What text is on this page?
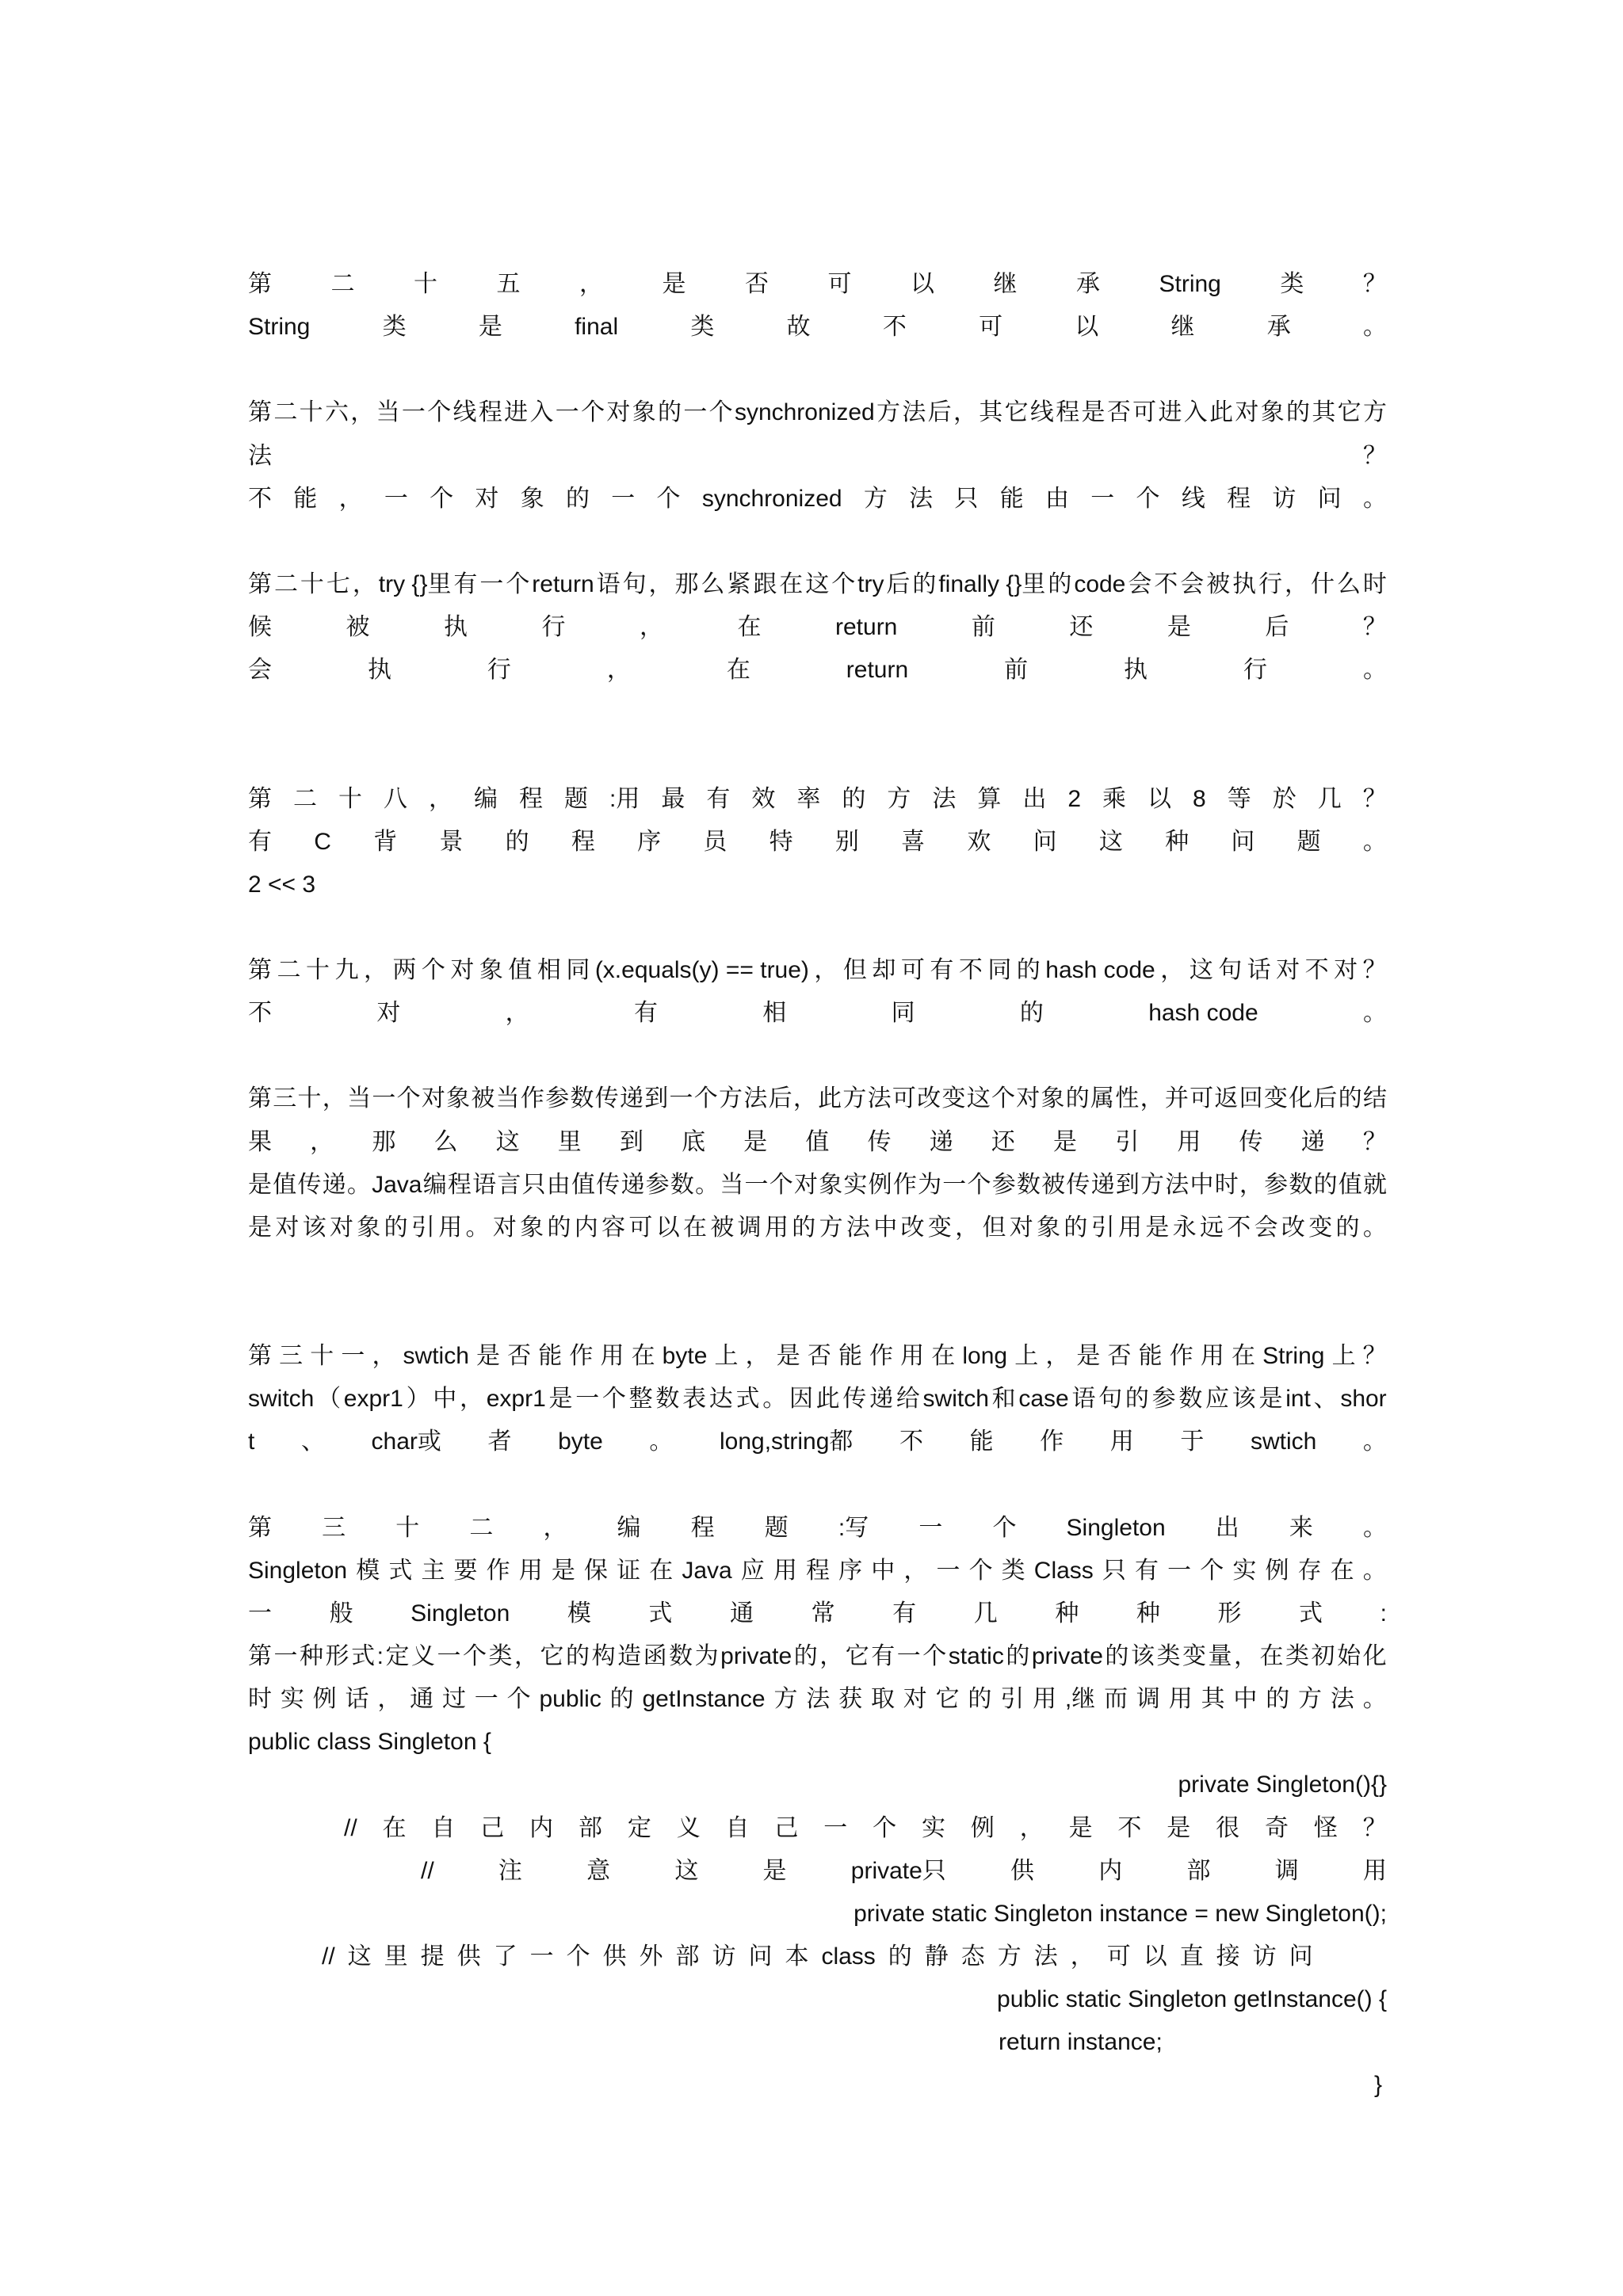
第 二 十 五 ， 是 否 可 以 继 承 String 类 ？
String	类	是	final	类	故	不	可	以	继	承	。
第 二 十 六 ， 当 一 个 线 程 进 入 一 个 对 象 的 一 个 synchronized 方 法 后 ， 其 它 线 程 是 否 可 进 入 此 对 象 的 其 它 方
法	？
不 能 ， 一 个 对 象 的 一 个 synchronized 方 法 只 能 由 一 个 线 程 访 问 。
第 二 十 七 ， try {}里 有 一 个 return 语 句 ， 那 么 紧 跟 在 这 个 try 后 的 finally {}里 的 code 会 不 会 被 执 行 ， 什 么 时
候	被	执	行	，	在	return	前	还	是	后	？
会	执	行	，	在	return	前	执	行	。
第 二 十 八 ， 编 程 题 :用 最 有 效 率 的 方 法 算 出 2 乘 以 8 等 於 几 ？
有 C 背 景 的 程 序 员 特 别 喜 欢 问 这 种 问 题 。
2 << 3
第 二 十 九 ， 两 个 对 象 值 相 同 (x.equals(y) == true) ， 但 却 可 有 不 同 的 hash code ， 这 句 话 对 不 对 ？
不	对	，	有	相	同	的	hash code	。
第 三 十 ， 当 一 个 对 象 被 当 作 参 数 传 递 到 一 个 方 法 后 ， 此 方 法 可 改 变 这 个 对 象 的 属 性 ， 并 可 返 回 变 化 后 的 结
果 ， 那 么 这 里 到 底 是 值 传 递 还 是 引 用 传 递 ？
是 值 传 递 。 Java 编 程 语 言 只 由 值 传 递 参 数 。 当 一 个 对 象 实 例 作 为 一 个 参 数 被 传 递 到 方 法 中 时 ， 参 数 的 值 就
是 对 该 对 象 的 引 用 。 对 象 的 内 容 可 以 在 被 调 用 的 方 法 中 改 变 ， 但 对 象 的 引 用 是 永 远 不 会 改 变 的 。
第 三 十 一 ， swtich 是 否 能 作 用 在 byte 上 ， 是 否 能 作 用 在 long 上 ， 是 否 能 作 用 在 String 上 ？
switch （ expr1 ） 中 ， expr1 是 一 个 整 数 表 达 式 。 因 此 传 递 给 switch 和 case 语 句 的 参 数 应 该 是 int 、 shor
t 、 char或 者 byte 。 long,string都 不 能 作 用 于 swtich 。
第 三 十 二 ， 编 程 题 :写 一 个 Singleton 出 来 。
Singleton 模 式 主 要 作 用 是 保 证 在 Java 应 用 程 序 中 ， 一 个 类 Class 只 有 一 个 实 例 存 在 。
一 般 Singleton 模 式 通 常 有 几 种 种 形 式 :
第 一 种 形 式 : 定 义 一 个 类 ， 它 的 构 造 函 数 为 private 的 ， 它 有 一 个 static 的 private 的 该 类 变 量 ， 在 类 初 始 化
时 实 例 话 ， 通 过 一 个 public 的 getInstance 方 法 获 取 对 它 的 引 用 ,继 而 调 用 其 中 的 方 法 。
public class Singleton {
private Singleton(){}
// 在 自 己 内 部 定 义 自 己 一 个 实 例 ， 是 不 是 很 奇 怪 ？
//	注	意	这	是	private只	供	内	部	调	用
private static Singleton instance = new Singleton();
// 这 里 提 供 了 一 个 供 外 部 访 问 本 class 的 静 态 方 法 ， 可 以 直 接 访 问
public static Singleton getInstance() {
return instance;
}
